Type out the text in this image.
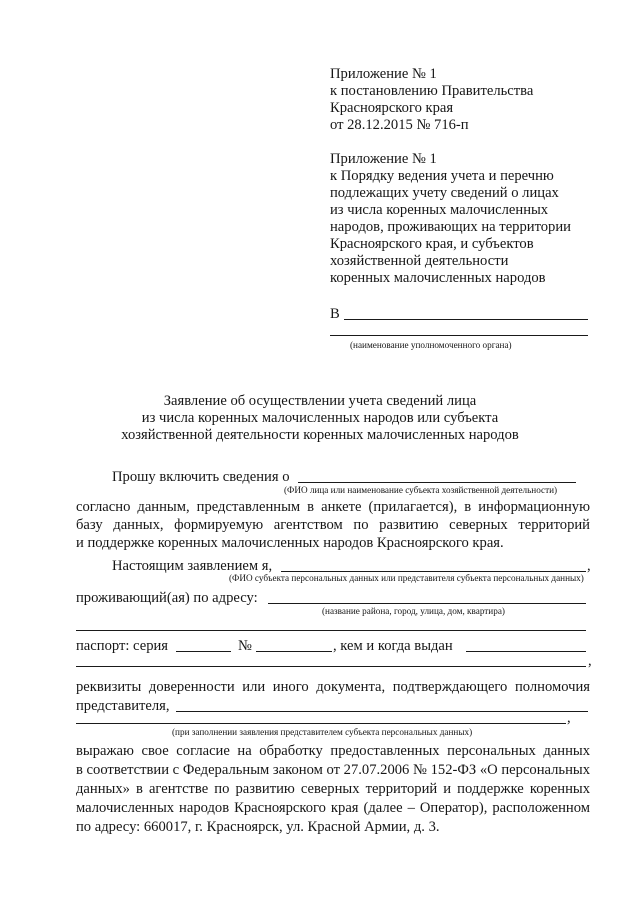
Приложение № 1
к постановлению Правительства
Красноярского края
от 28.12.2015 № 716-п
Приложение № 1
к Порядку ведения учета и перечню
подлежащих учету сведений о лицах
из числа коренных малочисленных
народов, проживающих на территории
Красноярского края, и субъектов
хозяйственной деятельности
коренных малочисленных народов
В
(наименование уполномоченного органа)
Заявление об осуществлении учета сведений лица
из числа коренных малочисленных народов или субъекта
хозяйственной деятельности коренных малочисленных народов
Прошу включить сведения о
(ФИО лица или наименование субъекта хозяйственной деятельности)
согласно данным, представленным в анкете (прилагается), в информационную
базу данных, формируемую агентством по развитию северных территорий
и поддержке коренных малочисленных народов Красноярского края.
Настоящим заявлением я,	,
(ФИО субъекта персональных данных или представителя субъекта персональных данных)
проживающий(ая) по адресу:
(название района, город, улица, дом, квартира)
паспорт: серия	№	, кем и когда выдан
,
реквизиты доверенности или иного документа, подтверждающего полномочия
представителя,
,
(при заполнении заявления представителем субъекта персональных данных)
выражаю свое согласие на обработку предоставленных персональных данных
в соответствии с Федеральным законом от 27.07.2006 № 152-ФЗ «О персональных
данных» в агентстве по развитию северных территорий и поддержке коренных
малочисленных народов Красноярского края (далее – Оператор), расположенном
по адресу: 660017, г. Красноярск, ул. Красной Армии, д. 3.
